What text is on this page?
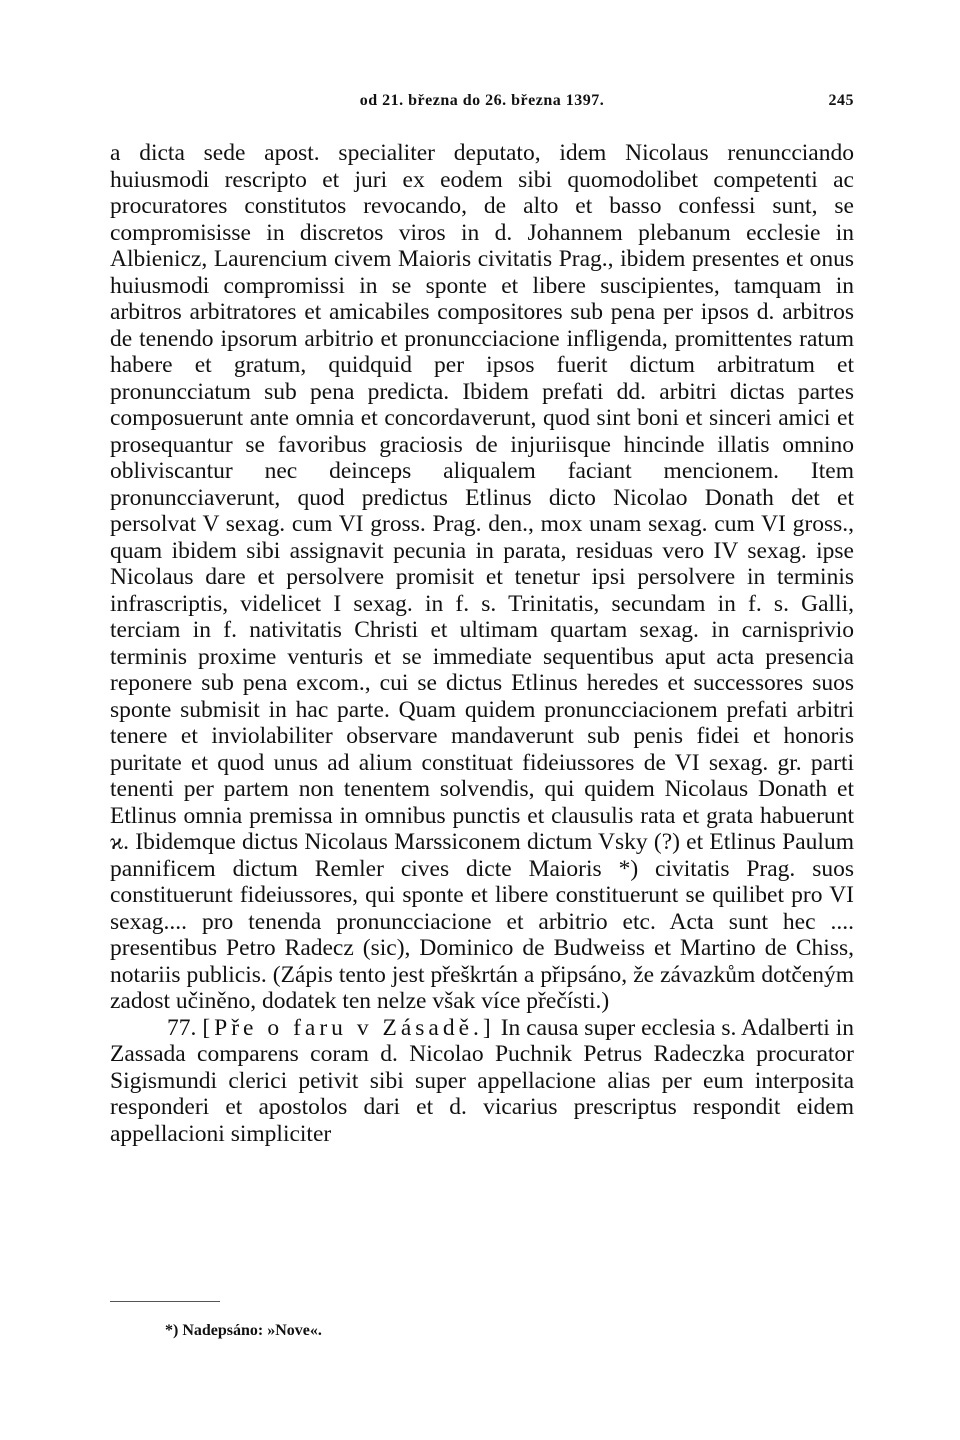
od 21. března do 26. března 1397.	245

a dicta sede apost. specialiter deputato, idem Nicolaus renuncciando huiusmodi rescripto et juri ex eodem sibi quomodolibet competenti ac procuratores constitutos revocando, de alto et basso confessi sunt, se compromisisse in discretos viros in d. Johannem plebanum ecclesie in Albienicz, Laurencium civem Maioris civitatis Prag., ibidem presentes et onus huiusmodi compromissi in se sponte et libere suscipientes, tamquam in arbitros arbitratores et amicabiles compositores sub pena per ipsos d. arbitros de tenendo ipsorum arbitrio et pronuncciacione infligenda, promittentes ratum habere et gratum, quidquid per ipsos fuerit dictum arbitratum et pronuncciatum sub pena predicta. Ibidem prefati dd. arbitri dictas partes composuerunt ante omnia et concordaverunt, quod sint boni et sinceri amici et prosequantur se favoribus graciosis de injuriisque hincinde illatis omnino obliviscantur nec deinceps aliqualem faciant mencionem. Item pronuncciaverunt, quod predictus Etlinus dicto Nicolao Donath det et persolvat V sexag. cum VI gross. Prag. den., mox unam sexag. cum VI gross., quam ibidem sibi assignavit pecunia in parata, residuas vero IV sexag. ipse Nicolaus dare et persolvere promisit et tenetur ipsi persolvere in terminis infrascriptis, videlicet I sexag. in f. s. Trinitatis, secundam in f. s. Galli, terciam in f. nativitatis Christi et ultimam quartam sexag. in carnisprivio terminis proxime venturis et se immediate sequentibus aput acta presencia reponere sub pena excom., cui se dictus Etlinus heredes et successores suos sponte submisit in hac parte. Quam quidem pronuncciacionem prefati arbitri tenere et inviolabiliter observare mandaverunt sub penis fidei et honoris puritate et quod unus ad alium constituat fideiussores de VI sexag. gr. parti tenenti per partem non tenentem solvendis, qui quidem Nicolaus Donath et Etlinus omnia premissa in omnibus punctis et clausulis rata et grata habuerunt ϰ. Ibidemque dictus Nicolaus Marssiconem dictum Vsky (?) et Etlinus Paulum pannificem dictum Remler cives dicte Maioris *) civitatis Prag. suos constituerunt fideiussores, qui sponte et libere constituerunt se quilibet pro VI sexag.... pro tenenda pronuncciacione et arbitrio etc. Acta sunt hec .... presentibus Petro Radecz (sic), Dominico de Budweiss et Martino de Chiss, notariis publicis. (Zápis tento jest přeškrtán a připsáno, že závazkům dotčeným zadost učiněno, dodatek ten nelze však více přečísti.)

77. [Pře o faru v Zásadě.] In causa super ecclesia s. Adalberti in Zassada comparens coram d. Nicolao Puchnik Petrus Radeczka procurator Sigismundi clerici petivit sibi super appellacione alias per eum interposita responderi et apostolos dari et d. vicarius prescriptus respondit eidem appellacioni simpliciter

*) Nadepsáno: »Nove«.
